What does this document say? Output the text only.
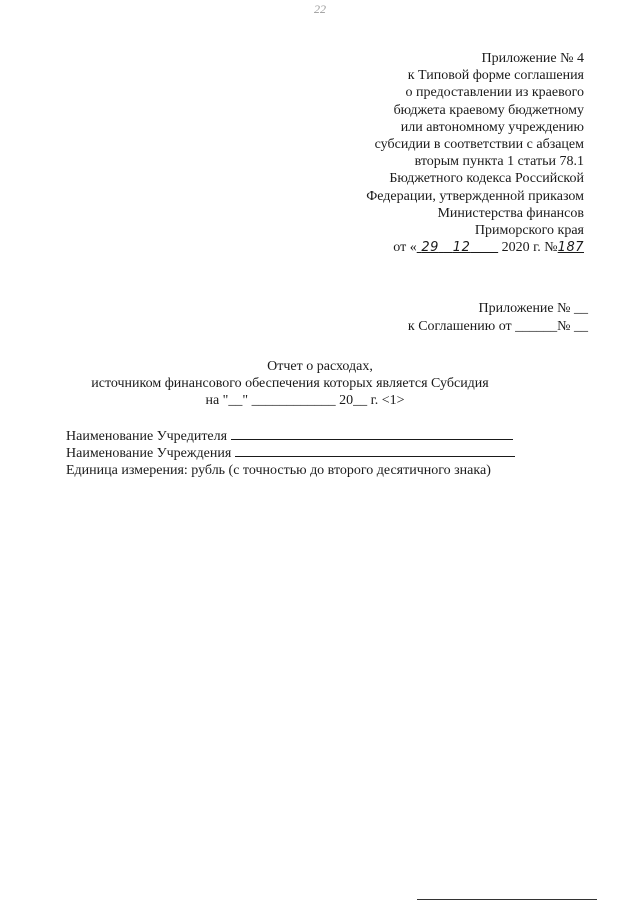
22
Приложение № 4
к Типовой форме соглашения
о предоставлении из краевого
бюджета краевому бюджетному
или автономному учреждению
субсидии в соответствии с абзацем
вторым пункта 1 статьи 78.1
Бюджетного кодекса Российской
Федерации, утвержденной приказом
Министерства финансов
Приморского края
от « 29 12 2020 г. №187
Приложение № __
к Соглашению от ______№ __
Отчет о расходах,
источником финансового обеспечения которых является Субсидия
на "__" ____________ 20__ г. <1>
Наименование Учредителя
Наименование Учреждения
Единица измерения: рубль (с точностью до второго десятичного знака)
